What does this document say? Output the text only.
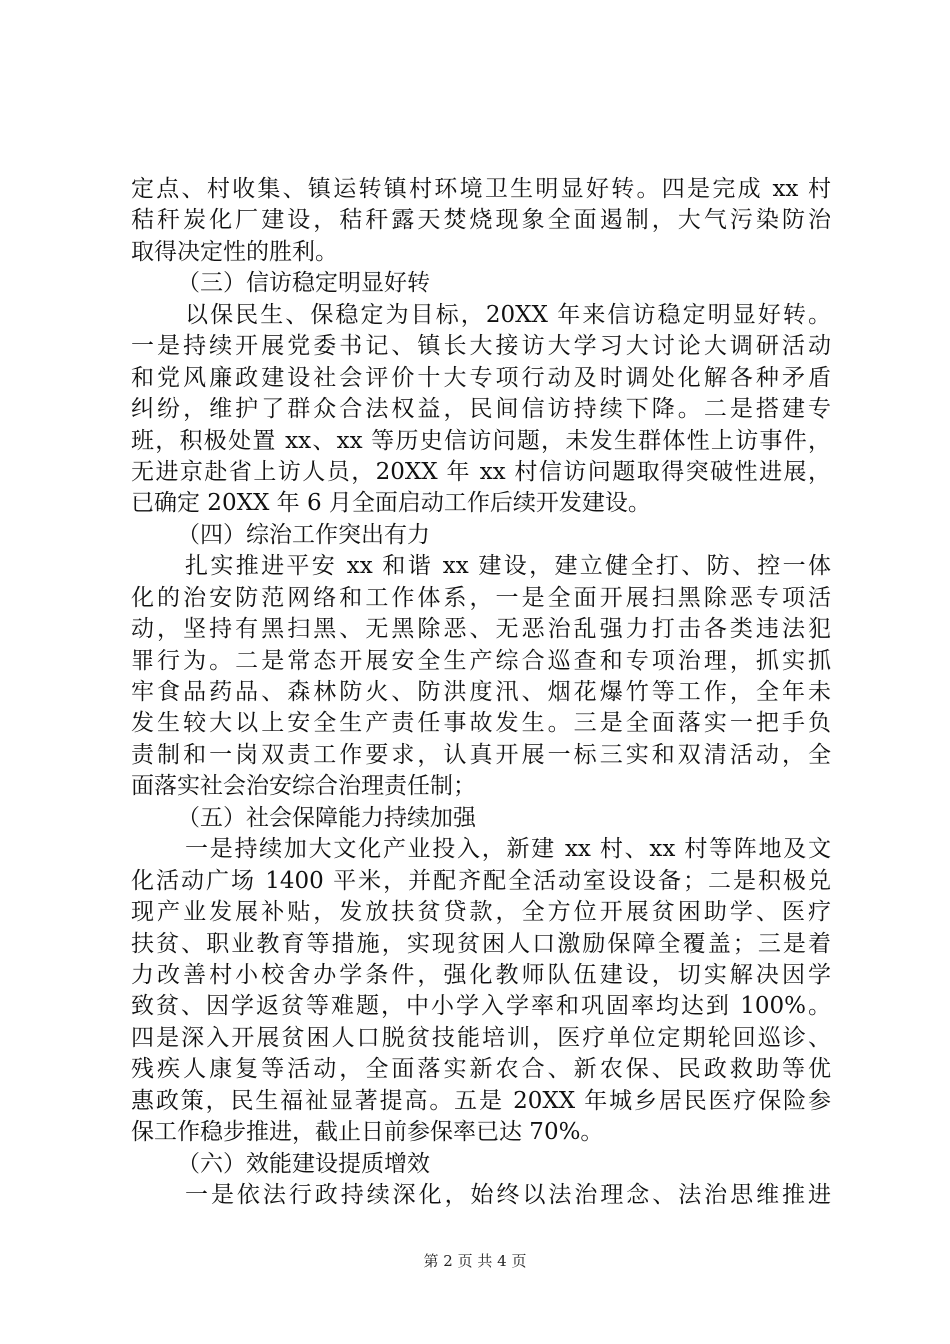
定点、村收集、镇运转镇村环境卫生明显好转。四是完成 xx 村
秸秆炭化厂建设，秸秆露天焚烧现象全面遏制，大气污染防治
取得决定性的胜利。
（三）信访稳定明显好转
以保民生、保稳定为目标，20XX 年来信访稳定明显好转。
一是持续开展党委书记、镇长大接访大学习大讨论大调研活动
和党风廉政建设社会评价十大专项行动及时调处化解各种矛盾
纠纷，维护了群众合法权益，民间信访持续下降。二是搭建专
班，积极处置 xx、xx 等历史信访问题，未发生群体性上访事件，
无进京赴省上访人员，20XX 年 xx 村信访问题取得突破性进展，
已确定 20XX 年 6 月全面启动工作后续开发建设。
（四）综治工作突出有力
扎实推进平安 xx 和谐 xx 建设，建立健全打、防、控一体
化的治安防范网络和工作体系，一是全面开展扫黑除恶专项活
动，坚持有黑扫黑、无黑除恶、无恶治乱强力打击各类违法犯
罪行为。二是常态开展安全生产综合巡查和专项治理，抓实抓
牢食品药品、森林防火、防洪度汛、烟花爆竹等工作，全年未
发生较大以上安全生产责任事故发生。三是全面落实一把手负
责制和一岗双责工作要求，认真开展一标三实和双清活动，全
面落实社会治安综合治理责任制；
（五）社会保障能力持续加强
一是持续加大文化产业投入，新建 xx 村、xx 村等阵地及文
化活动广场 1400 平米，并配齐配全活动室设设备；二是积极兑
现产业发展补贴，发放扶贫贷款，全方位开展贫困助学、医疗
扶贫、职业教育等措施，实现贫困人口激励保障全覆盖；三是着
力改善村小校舍办学条件，强化教师队伍建设，切实解决因学
致贫、因学返贫等难题，中小学入学率和巩固率均达到 100%。
四是深入开展贫困人口脱贫技能培训，医疗单位定期轮回巡诊、
残疾人康复等活动，全面落实新农合、新农保、民政救助等优
惠政策，民生福祉显著提高。五是 20XX 年城乡居民医疗保险参
保工作稳步推进，截止日前参保率已达 70%。
（六）效能建设提质增效
一是依法行政持续深化，始终以法治理念、法治思维推进
第 2 页 共 4 页
